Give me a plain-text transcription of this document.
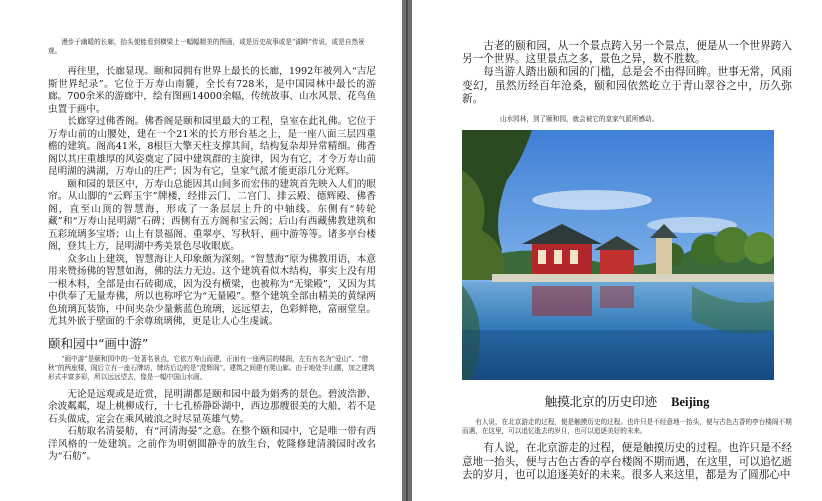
漫步于幽暖的长廊，抬头便能看到横梁上一幅幅精美的图画，或是历史故事或是“湖畔”传说，或是自然景观。

再往里，长廊显现。颐和园拥有世界上最长的长廊，1992年被列入“吉尼斯世界纪录”。它位于万寿山南麓，全长有728米，是中国园林中最长的游廊。700余米的游廊中，绘有图画14000余幅，传统故事、山水风景、花鸟鱼虫置于画中。

长廊穿过佛香阁。佛香阁是颐和园里最大的工程，皇室在此礼佛。它位于万寿山前的山腰处，建在一个21米的长方形台基之上，是一座八面三层四重檐的建筑。阁高41米，8根巨大擎天柱支撑其间，结构复杂却异常精细。佛香阁以其庄重雄厚的风姿奠定了园中建筑群的主旋律，因为有它，才令万寿山前昆明湖的满湖，万寿山的庄严；因为有它，皇家气派才能更添几分光辉。

颐和园的景区中，万寿山总能因其山间多而宏伟的建筑首先映入人们的眼帘。从山脚的“云辉玉宇”牌楼，经排云门、二宫门、排云殿、德辉殿、佛香阁，直至山顶的智慧海，形成了一条层层上升的中轴线。东侧有“转轮藏”和“万寿山昆明湖”石碑；西侧有五方阁和宝云阁；后山有西藏佛教建筑和五彩琉璃多宝塔；山上有景福阁、重翠亭、写秋轩、画中游等等。诸多亭台楼阁，登其上方，昆明湖中秀美景色尽收眼底。

众多山上建筑，智慧海让人印象颇为深刻。“智慧海”原为佛教用语，本意用来赞扬佛的智慧如海，佛的法力无边。这个建筑看似木结构，事实上没有用一根木料，全部是由石砖砌成，因为没有横梁，也被称为“无梁殿”，又因为其中供奉了无量寿佛，所以也称呼它为“无量殿”。整个建筑全部由精美的黄绿两色琉璃瓦装饰，中间夹杂少量紫蓝色琉璃，远远望去，色彩鲜艳，富丽堂皇。尤其外嵌于壁面的千余尊琉璃佛，更是让人心生虔诚。

颐和园中“画中游”
“画中游”是颐和园中的一处著名景点，它依万寿山而建，正面有一座两层的楼阁，左右有名为“爱山”、“借秋”的两座楼，阁后立有一座石牌坊，牌坊后边的是“澄辉阁”。建筑之间建有爬山廊。由于地处半山腰，加之建筑形式丰富多彩，所以远远望去，像是一幅中国山水画。

无论是远观或是近赏，昆明湖都是颐和园中最为娟秀的景色。碧波浩渺、余波粼粼，堤上桃柳成行，十七孔桥静卧湖中，西边那艘很美的大船，若不是石头做成，定会在乘风破浪之时尽显英雄气势。

石舫取名清晏舫，有“河清海晏”之意。在整个颐和园中，它是唯一带有西洋风格的一处建筑。之前作为明朝圆静寺的放生台，乾隆修建清漪园时改名为“石舫”。

古老的颐和园，从一个景点跨入另一个景点，便是从一个世界跨入另一个世界。这里景点之多，景色之异，数不胜数。

每当游人踏出颐和园的门槛，总是会不由得回眸。世事无常，风雨变幻，虽然历经百年沧桑，颐和园依然屹立于青山翠谷之中，历久弥新。

山水园林，到了颐和园，就会被它的皇家气派所感动。
触摸北京的历史印迹 Beijing
有人说，在北京游走的过程，便是触摸历史的过程。也许只是不经意地一抬头，便与古色古香的亭台楼阁不期而遇，在这里，可以追忆逝去的岁月，也可以追逐美好的未来。

有人说，在北京游走的过程，便是触摸历史的过程。也许只是不经意地一抬头，便与古色古香的亭台楼阁不期而遇，在这里，可以追忆逝去的岁月，也可以追逐美好的未来。很多人来这里，都是为了圆那心中
